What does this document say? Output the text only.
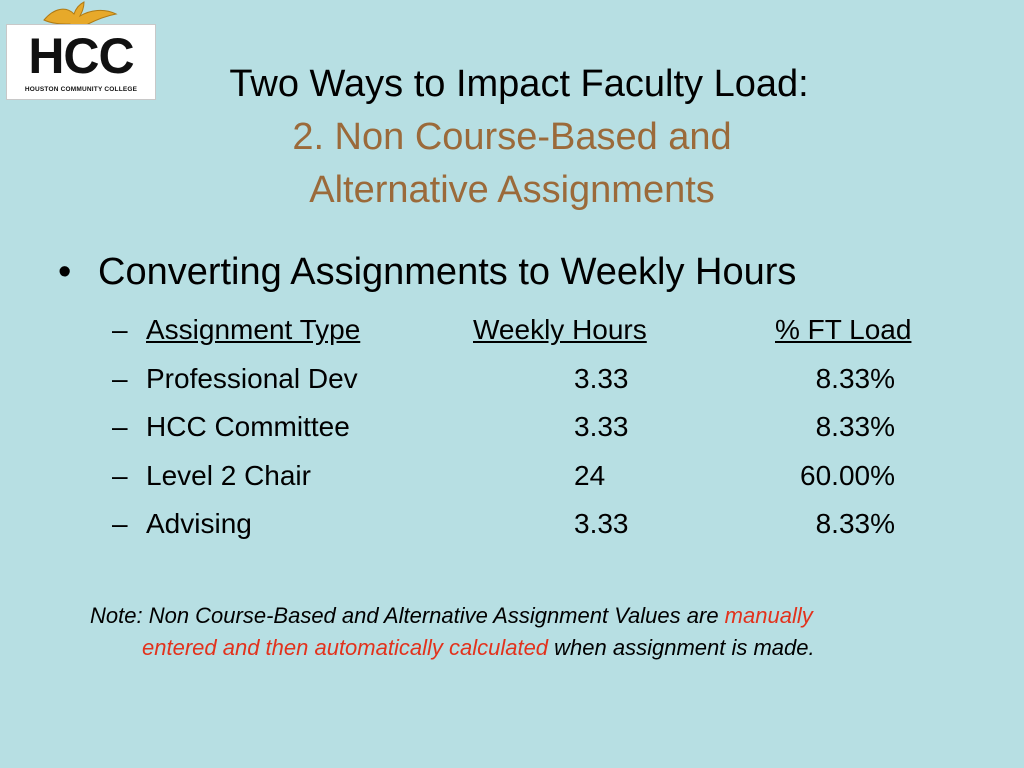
HCC
HOUSTON COMMUNITY COLLEGE	Two Ways to Impact Faculty Load:
2. Non Course-Based and
Alternative Assignments
• Converting Assignments to Weekly Hours
– Assignment Type	Weekly Hours	% FT Load
– Professional Dev	3.33	8.33%
– HCC Committee	3.33	8.33%
– Level 2 Chair	24	60.00%
– Advising	3.33	8.33%
Note: Non Course-Based and Alternative Assignment Values are manually
entered and then automatically calculated when assignment is made.
